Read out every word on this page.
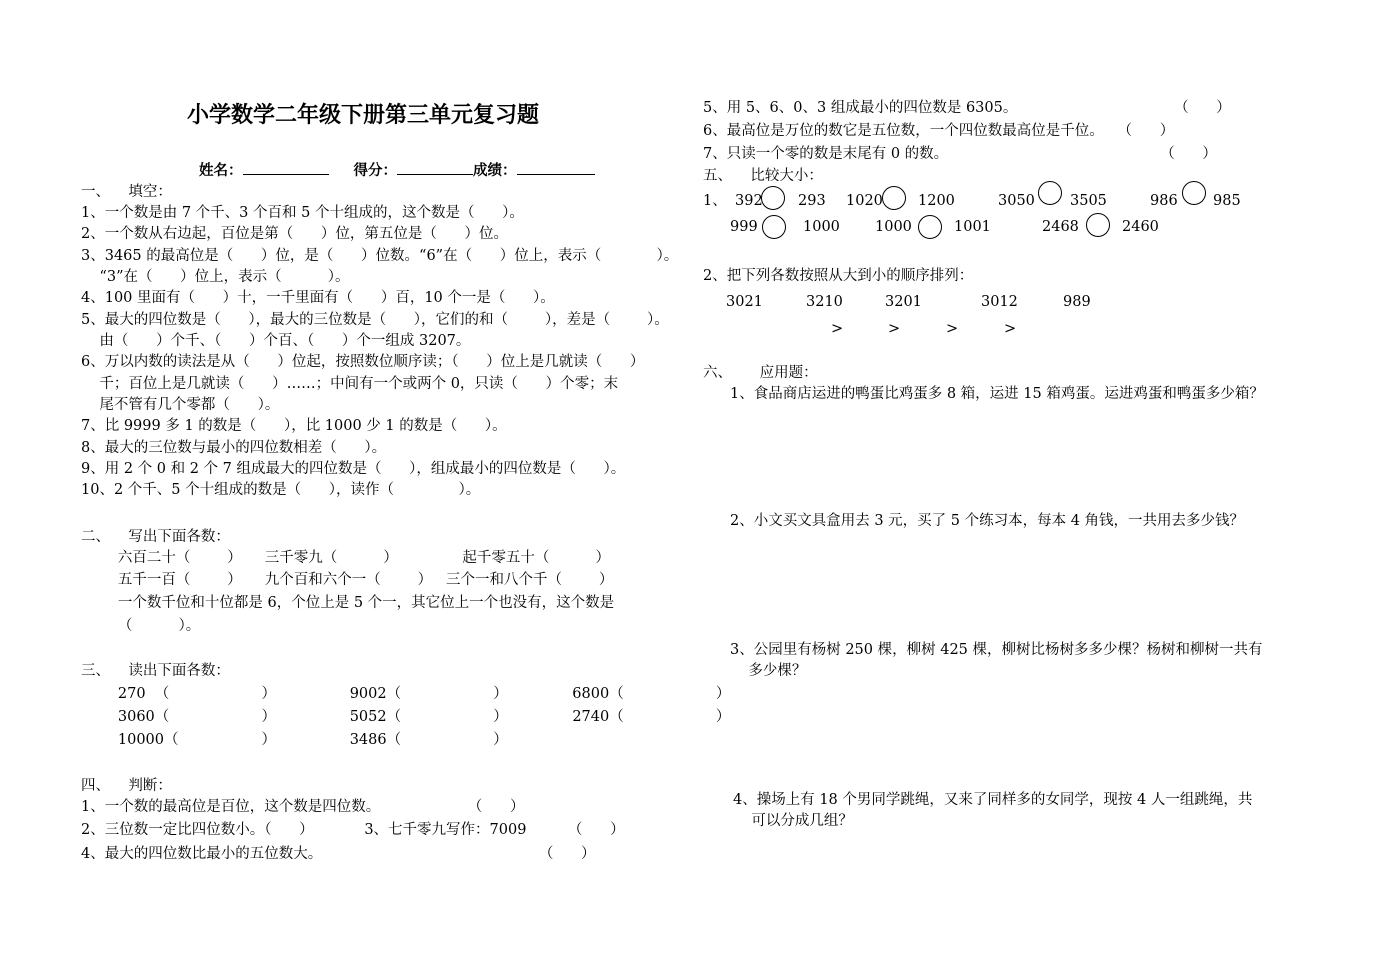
小学数学二年级下册第三单元复习题
姓名：	得分：	成绩：
一、    填空：
1、一个数是由 7 个千、3 个百和 5 个十组成的，这个数是（      ）。
2、一个数从右边起，百位是第（      ）位，第五位是（      ）位。
3、3465 的最高位是（      ）位，是（      ）位数。“6”在（      ）位上，表示（            ）。
“3”在（      ）位上，表示（          ）。
4、100 里面有（      ）十，一千里面有（      ）百，10 个一是（      ）。
5、最大的四位数是（      ），最大的三位数是（      ），它们的和（        ），差是（        ）。
由（      ）个千、（      ）个百、（      ）个一组成 3207。
6、万以内数的读法是从（      ）位起，按照数位顺序读；（      ）位上是几就读（      ）
千；百位上是几就读（      ）……；中间有一个或两个 0，只读（      ）个零；末
尾不管有几个零都（      ）。
7、比 9999 多 1 的数是（      ），比 1000 少 1 的数是（      ）。
8、最大的三位数与最小的四位数相差（      ）。
9、用 2 个 0 和 2 个 7 组成最大的四位数是（      ），组成最小的四位数是（      ）。
10、2 个千、5 个十组成的数是（      ），读作（              ）。
二、    写出下面各数：
六百二十（        ）     三千零九（          ）              起千零五十（          ）
五千一百（        ）     九个百和六个一（        ）   三个一和八个千（        ）
一个数千位和十位都是 6，个位上是 5 个一，其它位上一个也没有，这个数是
（          ）。
三、    读出下面各数：
270  （                    ）                9002（                    ）              6800（                    ）
3060（                    ）                5052（                    ）              2740（                    ）
10000（                  ）                3486（                    ）
四、    判断：
1、一个数的最高位是百位，这个数是四位数。                   （      ）
2、三位数一定比四位数小。（      ）           3、七千零九写作：7009         （      ）
4、最大的四位数比最小的五位数大。                                               （      ）
5、用 5、6、0、3 组成最小的四位数是 6305。                                  （      ）
6、最高位是万位的数它是五位数，一个四位数最高位是千位。   （      ）
7、只读一个零的数是末尾有 0 的数。                                              （      ）
五、    比较大小：
1、 392 293 1020 1200	3050 3505	986 985
999	1000 1000	1001	2468	2460
2、把下列各数按照从大到小的顺序排列：
3021	3210	3201	3012	989
>	>	>	>
六、      应用题：
1、食品商店运进的鸭蛋比鸡蛋多 8 箱，运进 15 箱鸡蛋。运进鸡蛋和鸭蛋多少箱？
2、小文买文具盒用去 3 元，买了 5 个练习本，每本 4 角钱，一共用去多少钱？
3、公园里有杨树 250 棵，柳树 425 棵，柳树比杨树多多少棵？杨树和柳树一共有
多少棵？
4、操场上有 18 个男同学跳绳，又来了同样多的女同学，现按 4 人一组跳绳，共
可以分成几组？
